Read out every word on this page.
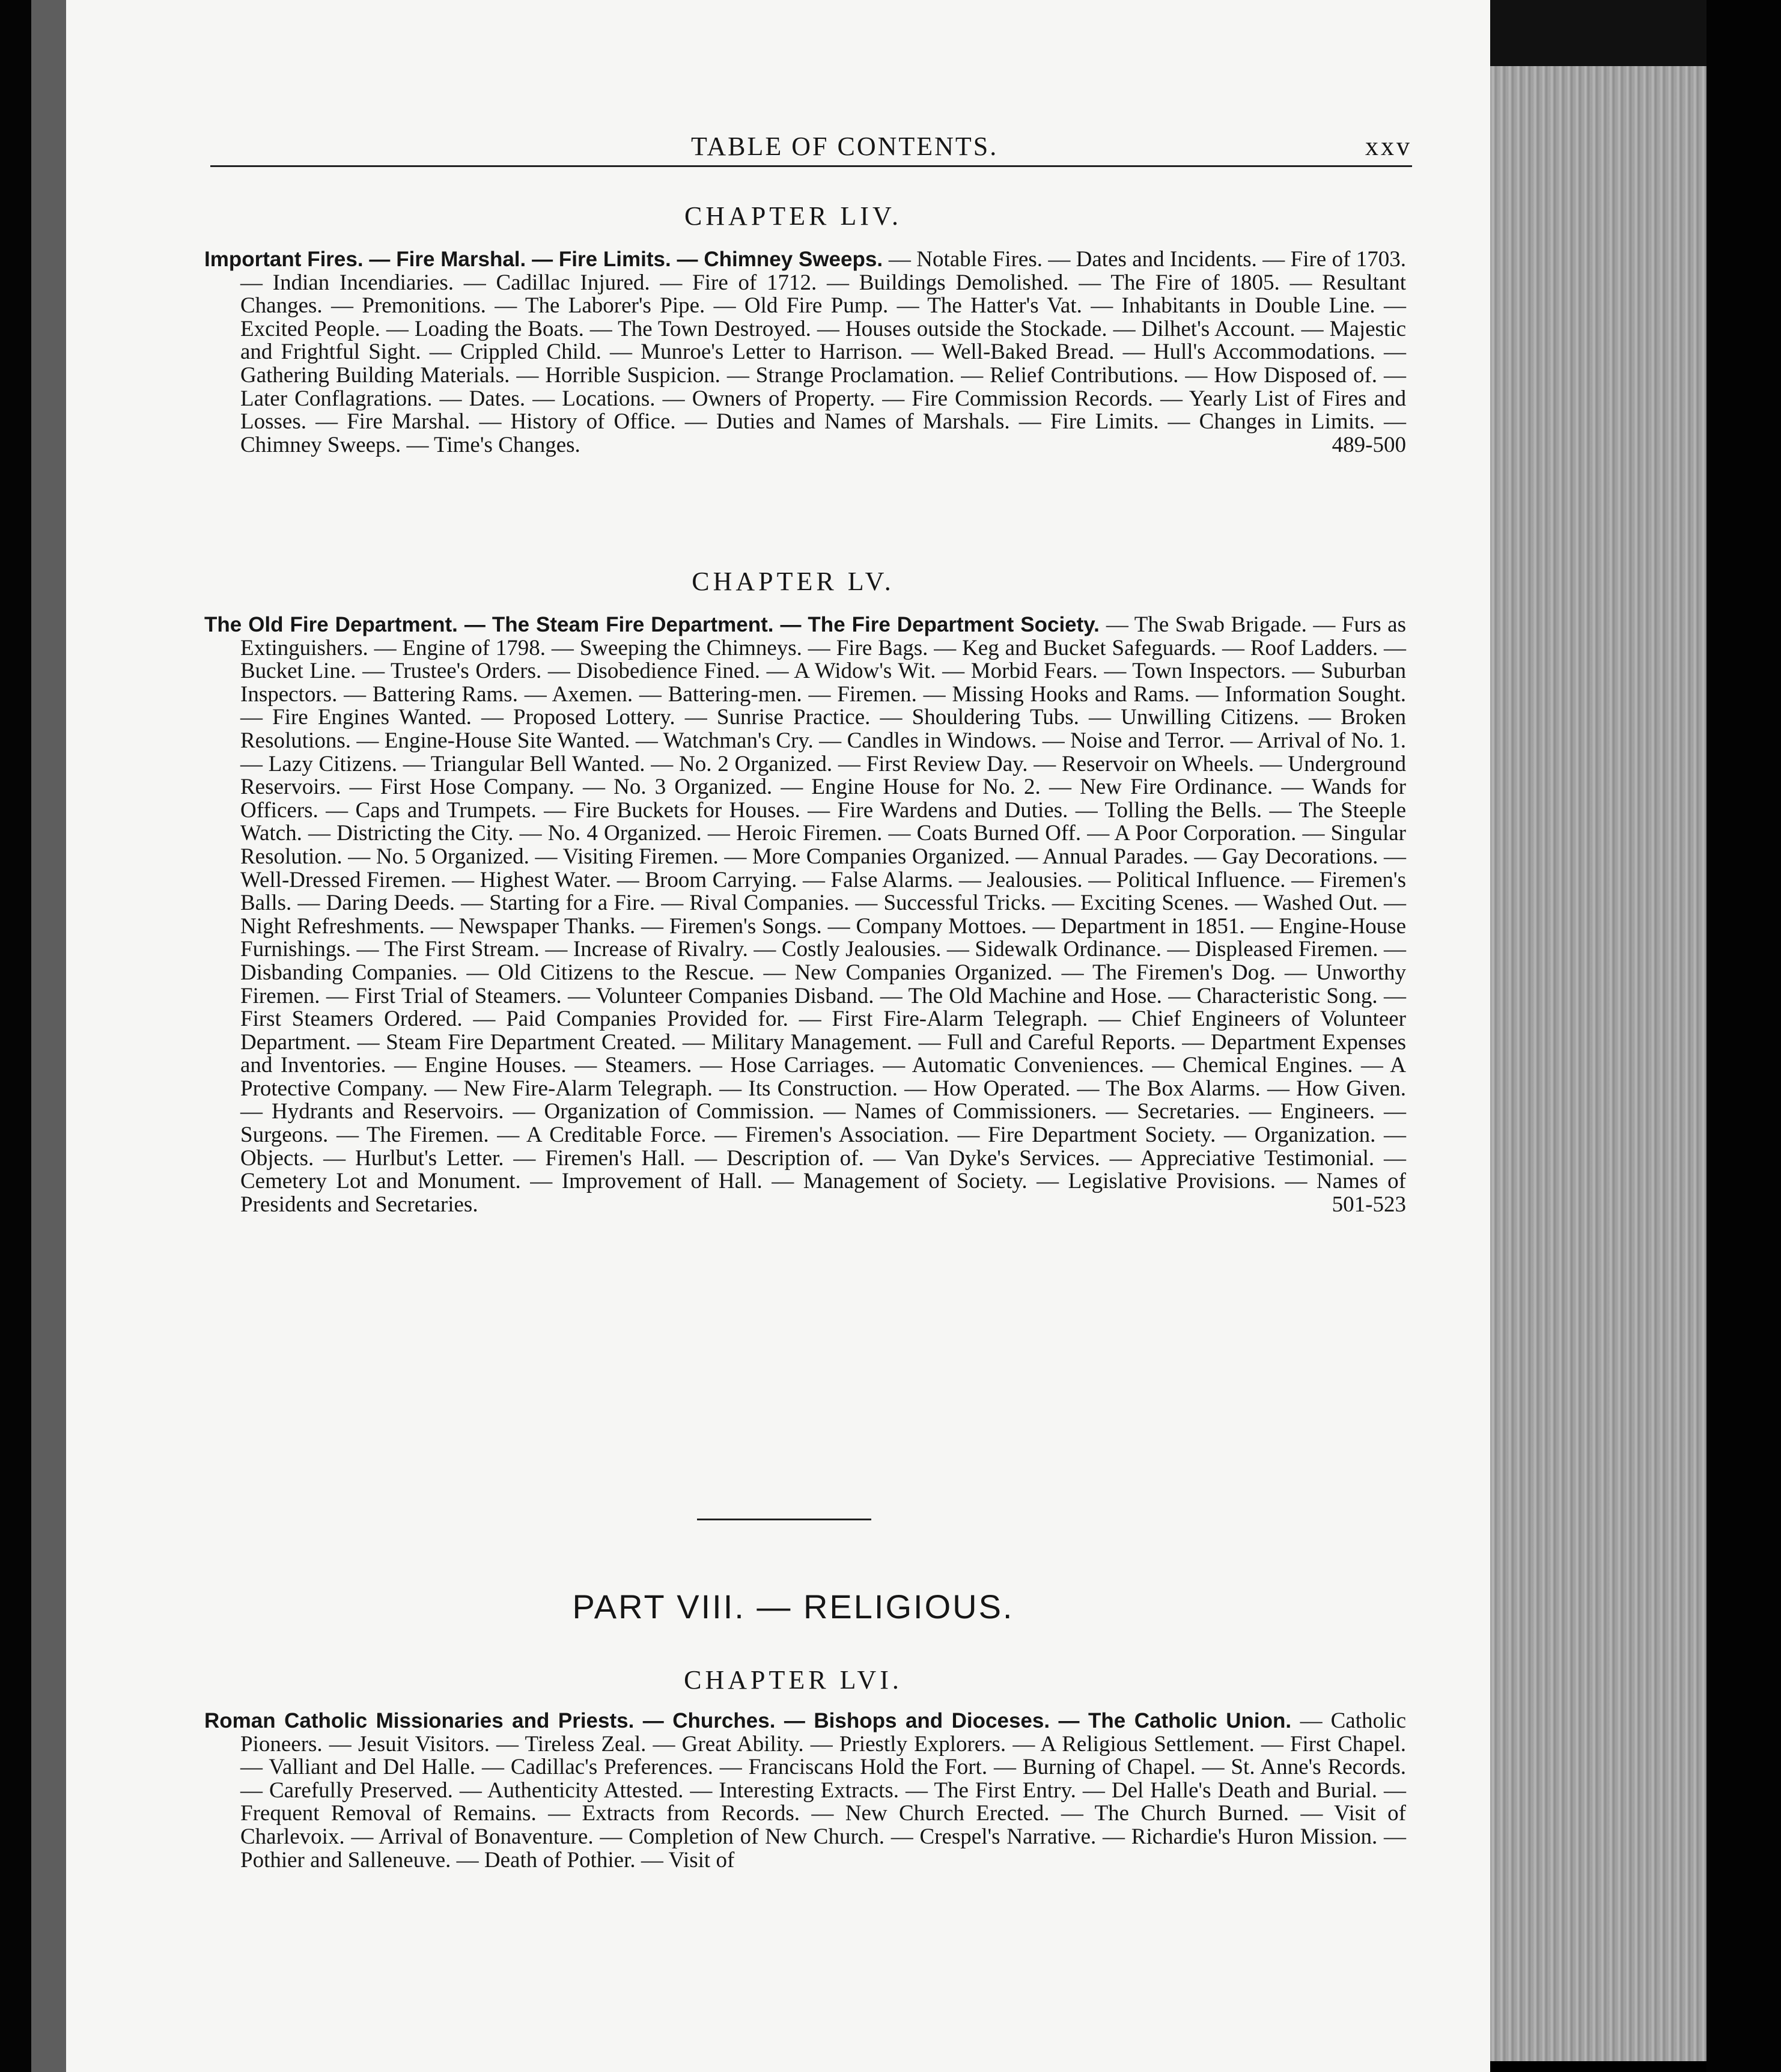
TABLE OF CONTENTS.	xxv
CHAPTER LIV.
Important Fires. — Fire Marshal. — Fire Limits. — Chimney Sweeps. — Notable Fires. — Dates and Incidents. — Fire of 1703. — Indian Incendiaries. — Cadillac Injured. — Fire of 1712. — Buildings Demolished. — The Fire of 1805. — Resultant Changes. — Premonitions. — The Laborer's Pipe. — Old Fire Pump. — The Hatter's Vat. — Inhabitants in Double Line. — Excited People. — Loading the Boats. — The Town Destroyed. — Houses outside the Stockade. — Dilhet's Account. — Majestic and Frightful Sight. — Crippled Child. — Munroe's Letter to Harrison. — Well-Baked Bread. — Hull's Accommodations. — Gathering Building Materials. — Horrible Suspicion. — Strange Proclamation. — Relief Contributions. — How Disposed of. — Later Conflagrations. — Dates. — Locations. — Owners of Property. — Fire Commission Records. — Yearly List of Fires and Losses. — Fire Marshal. — History of Office. — Duties and Names of Marshals. — Fire Limits. — Changes in Limits. — Chimney Sweeps. — Time's Changes.	489-500
CHAPTER LV.
The Old Fire Department. — The Steam Fire Department. — The Fire Department Society. — The Swab Brigade. — Furs as Extinguishers. — Engine of 1798. — Sweeping the Chimneys. — Fire Bags. — Keg and Bucket Safeguards. — Roof Ladders. — Bucket Line. — Trustee's Orders. — Disobedience Fined. — A Widow's Wit. — Morbid Fears. — Town Inspectors. — Suburban Inspectors. — Battering Rams. — Axemen. — Battering-men. — Firemen. — Missing Hooks and Rams. — Information Sought. — Fire Engines Wanted. — Proposed Lottery. — Sunrise Practice. — Shouldering Tubs. — Unwilling Citizens. — Broken Resolutions. — Engine-House Site Wanted. — Watchman's Cry. — Candles in Windows. — Noise and Terror. — Arrival of No. 1. — Lazy Citizens. — Triangular Bell Wanted. — No. 2 Organized. — First Review Day. — Reservoir on Wheels. — Underground Reservoirs. — First Hose Company. — No. 3 Organized. — Engine House for No. 2. — New Fire Ordinance. — Wands for Officers. — Caps and Trumpets. — Fire Buckets for Houses. — Fire Wardens and Duties. — Tolling the Bells. — The Steeple Watch. — Districting the City. — No. 4 Organized. — Heroic Firemen. — Coats Burned Off. — A Poor Corporation. — Singular Resolution. — No. 5 Organized. — Visiting Firemen. — More Companies Organized. — Annual Parades. — Gay Decorations. — Well-Dressed Firemen. — Highest Water. — Broom Carrying. — False Alarms. — Jealousies. — Political Influence. — Firemen's Balls. — Daring Deeds. — Starting for a Fire. — Rival Companies. — Successful Tricks. — Exciting Scenes. — Washed Out. — Night Refreshments. — Newspaper Thanks. — Firemen's Songs. — Company Mottoes. — Department in 1851. — Engine-House Furnishings. — The First Stream. — Increase of Rivalry. — Costly Jealousies. — Sidewalk Ordinance. — Displeased Firemen. — Disbanding Companies. — Old Citizens to the Rescue. — New Companies Organized. — The Firemen's Dog. — Unworthy Firemen. — First Trial of Steamers. — Volunteer Companies Disband. — The Old Machine and Hose. — Characteristic Song. — First Steamers Ordered. — Paid Companies Provided for. — First Fire-Alarm Telegraph. — Chief Engineers of Volunteer Department. — Steam Fire Department Created. — Military Management. — Full and Careful Reports. — Department Expenses and Inventories. — Engine Houses. — Steamers. — Hose Carriages. — Automatic Conveniences. — Chemical Engines. — A Protective Company. — New Fire-Alarm Telegraph. — Its Construction. — How Operated. — The Box Alarms. — How Given. — Hydrants and Reservoirs. — Organization of Commission. — Names of Commissioners. — Secretaries. — Engineers. — Surgeons. — The Firemen. — A Creditable Force. — Firemen's Association. — Fire Department Society. — Organization. — Objects. — Hurlbut's Letter. — Firemen's Hall. — Description of. — Van Dyke's Services. — Appreciative Testimonial. — Cemetery Lot and Monument. — Improvement of Hall. — Management of Society. — Legislative Provisions. — Names of Presidents and Secretaries.	501-523
PART VIII. — RELIGIOUS.
CHAPTER LVI.
Roman Catholic Missionaries and Priests. — Churches. — Bishops and Dioceses. — The Catholic Union. — Catholic Pioneers. — Jesuit Visitors. — Tireless Zeal. — Great Ability. — Priestly Explorers. — A Religious Settlement. — First Chapel. — Valliant and Del Halle. — Cadillac's Preferences. — Franciscans Hold the Fort. — Burning of Chapel. — St. Anne's Records. — Carefully Preserved. — Authenticity Attested. — Interesting Extracts. — The First Entry. — Del Halle's Death and Burial. — Frequent Removal of Remains. — Extracts from Records. — New Church Erected. — The Church Burned. — Visit of Charlevoix. — Arrival of Bonaventure. — Completion of New Church. — Crespel's Narrative. — Richardie's Huron Mission. — Pothier and Salleneuve. — Death of Pothier. — Visit of
